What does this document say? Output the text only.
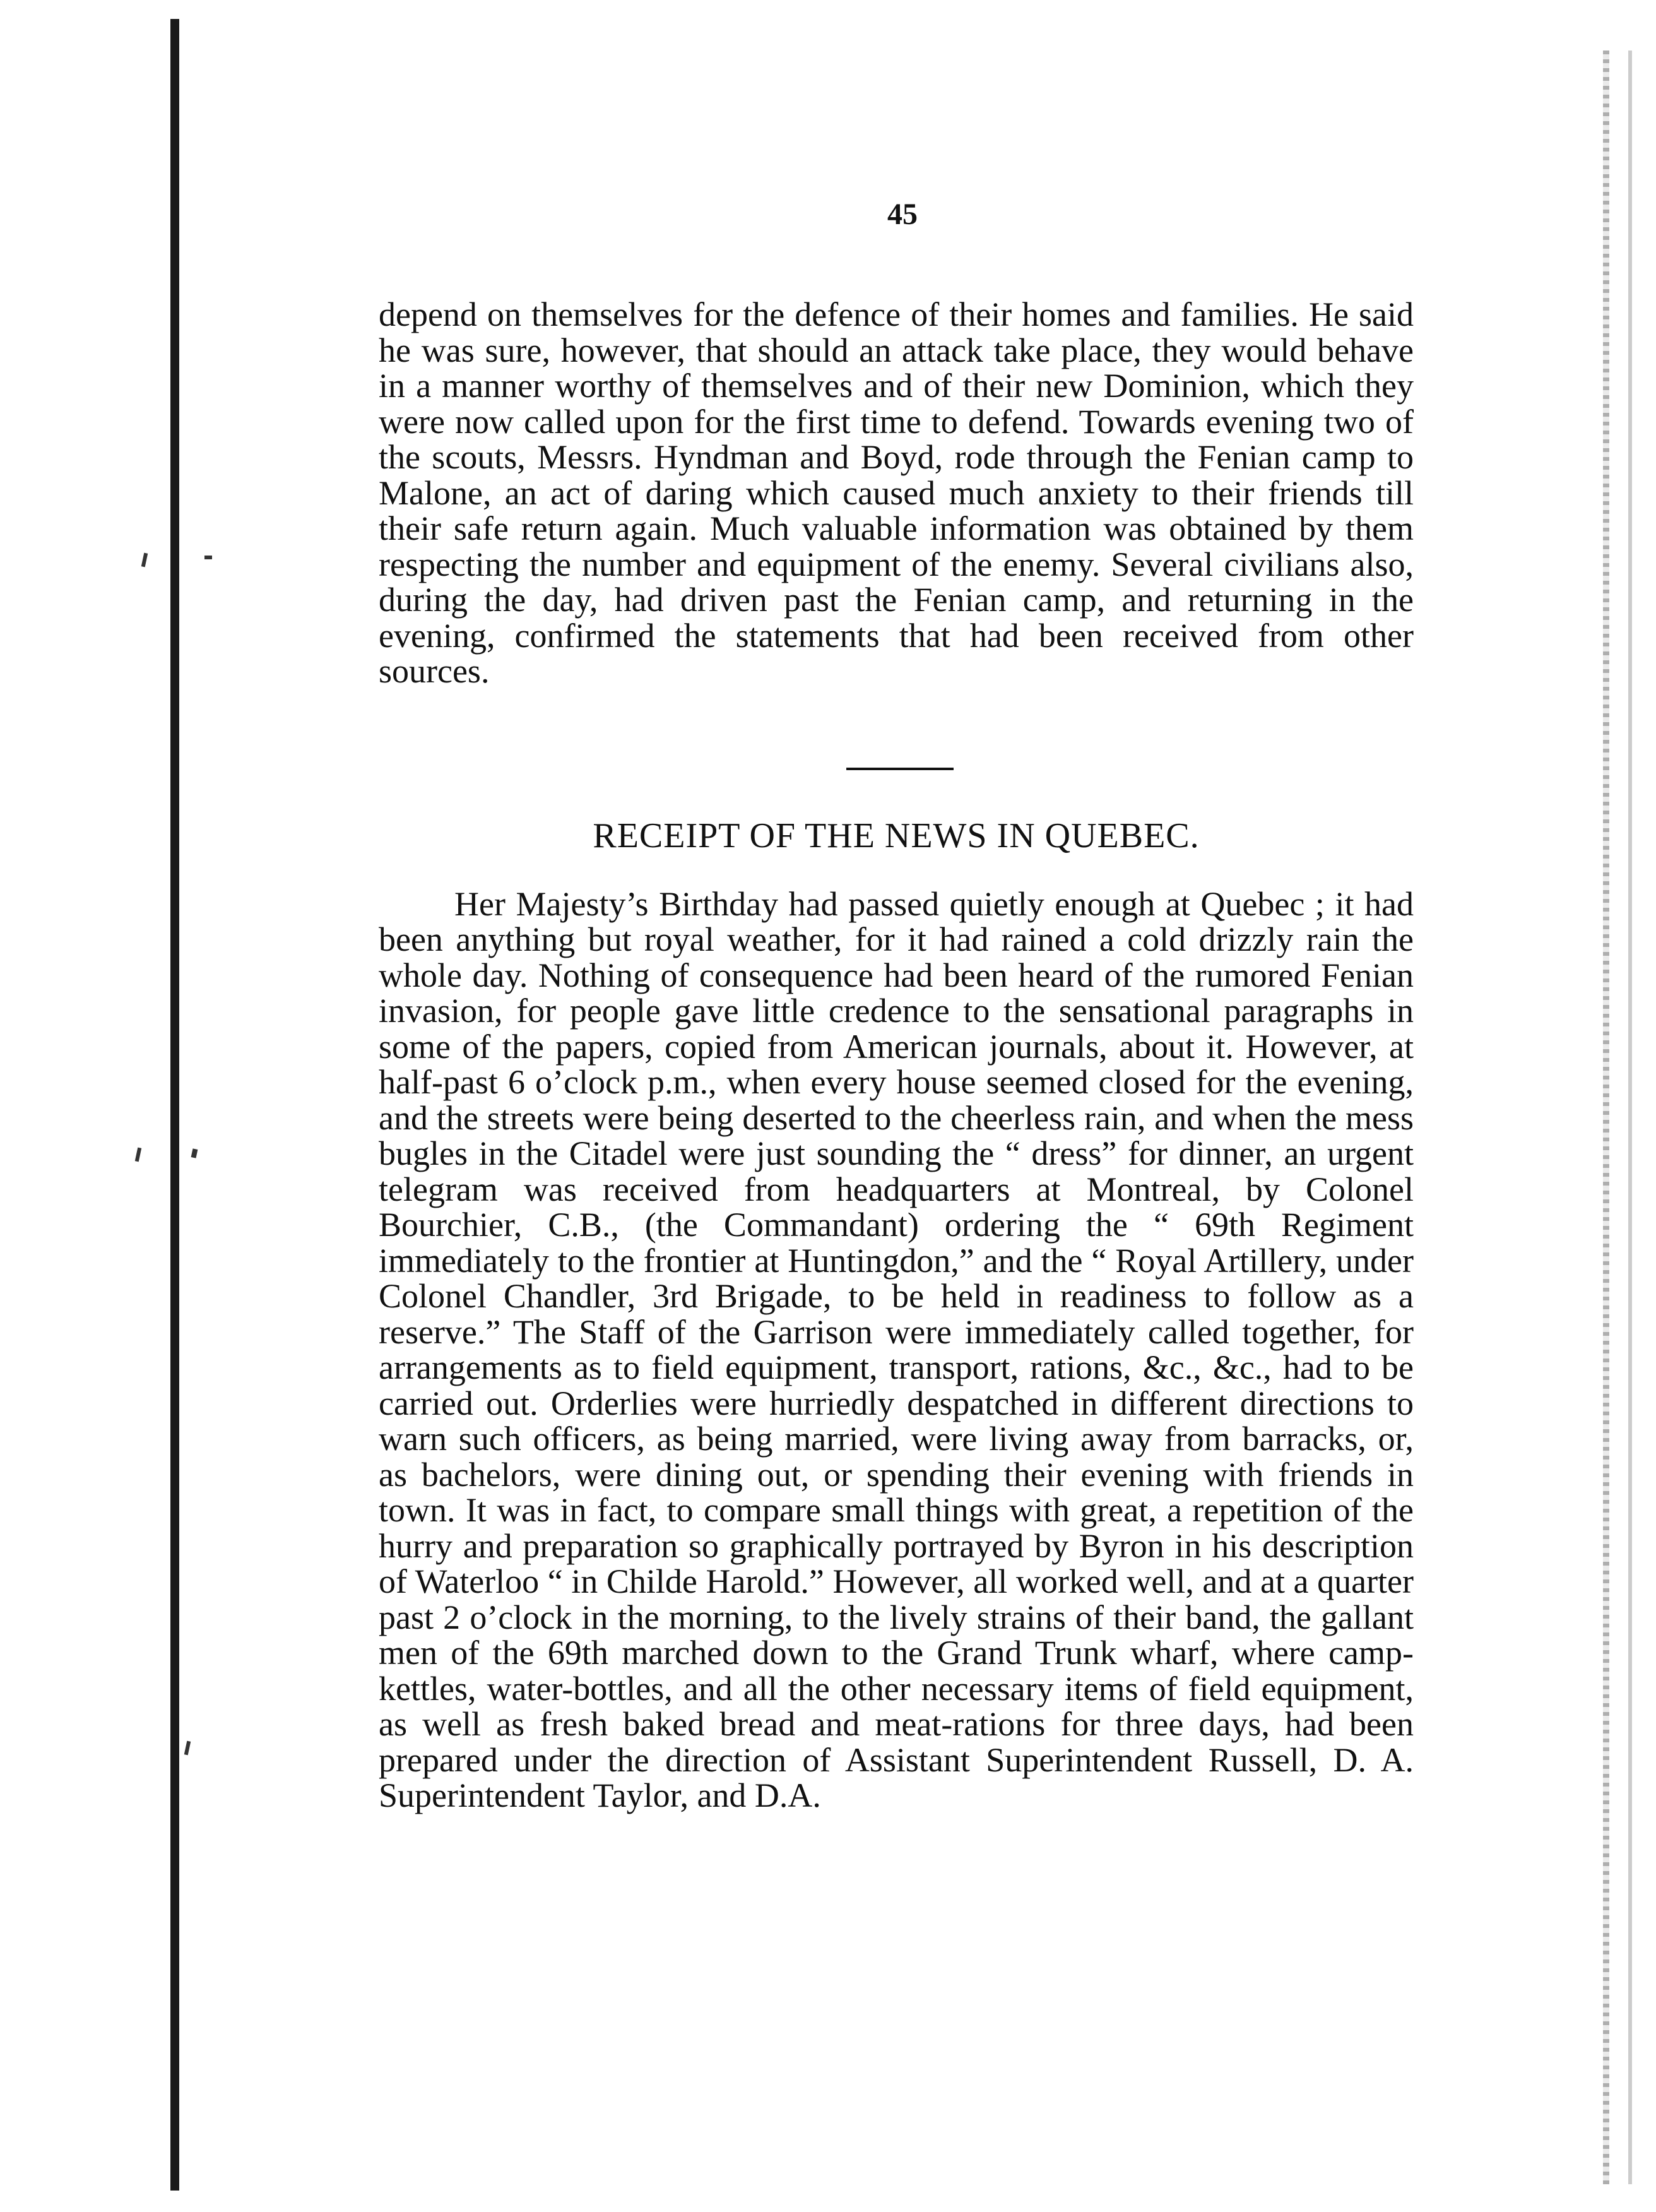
45

depend on themselves for the defence of their homes and families. He said he was sure, however, that should an attack take place, they would behave in a manner worthy of themselves and of their new Dominion, which they were now called upon for the first time to defend. Towards evening two of the scouts, Messrs. Hyndman and Boyd, rode through the Fenian camp to Malone, an act of daring which caused much anxiety to their friends till their safe return again. Much valuable information was obtained by them respecting the number and equipment of the enemy. Several civilians also, during the day, had driven past the Fenian camp, and returning in the evening, confirmed the statements that had been received from other sources.

RECEIPT OF THE NEWS IN QUEBEC.

Her Majesty’s Birthday had passed quietly enough at Quebec ; it had been anything but royal weather, for it had rained a cold drizzly rain the whole day. Nothing of consequence had been heard of the rumored Fenian invasion, for people gave little credence to the sensational paragraphs in some of the papers, copied from American journals, about it. However, at half-past 6 o’clock p.m., when every house seemed closed for the evening, and the streets were being deserted to the cheerless rain, and when the mess bugles in the Citadel were just sounding the “ dress” for dinner, an urgent telegram was received from headquarters at Montreal, by Colonel Bourchier, C.B., (the Commandant) ordering the “ 69th Regiment immediately to the frontier at Huntingdon,” and the “ Royal Artillery, under Colonel Chandler, 3rd Brigade, to be held in readiness to follow as a reserve.” The Staff of the Garrison were immediately called together, for arrangements as to field equipment, transport, rations, &c., &c., had to be carried out. Orderlies were hurriedly despatched in different directions to warn such officers, as being married, were living away from barracks, or, as bachelors, were dining out, or spending their evening with friends in town. It was in fact, to compare small things with great, a repetition of the hurry and preparation so graphically portrayed by Byron in his description of Waterloo “ in Childe Harold.” However, all worked well, and at a quarter past 2 o’clock in the morning, to the lively strains of their band, the gallant men of the 69th marched down to the Grand Trunk wharf, where camp-kettles, water-bottles, and all the other necessary items of field equipment, as well as fresh baked bread and meat-rations for three days, had been prepared under the direction of Assistant Superintendent Russell, D. A. Superintendent Taylor, and D.A.
